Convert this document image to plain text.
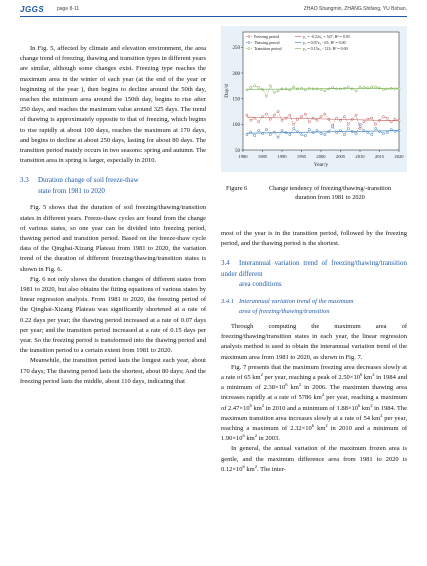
JGGS	page 8-11	ZHAO Shangmin, ZHANG Shifang, YU Bohan.

In Fig. 5, affected by climate and elevation environment, the area change trend of freezing, thawing and transition types in different years are similar, although some changes exist. Freezing type reaches the maximum area in the winter of each year (at the end of the year or beginning of the year ), then begins to decline around the 50th day, reaches the minimum area around the 150th day, begins to rise after 250 days, and reaches the maximum value around 325 days. The trend of thawing is approximately opposite to that of freezing, which begins to rise rapidly at about 100 days, reaches the maximum at 170 days, and begins to decline at about 250 days, lasting for about 80 days. The transition period mainly occurs in two seasons: spring and autumn. The transition area in spring is larger, especially in 2010.

3.3 Duration change of soil freeze-thaw

state from 1981 to 2020

Fig. 5 shows that the duration of soil freezing/thawing/transition states in different years. Freeze-thaw cycles are found from the change of various states, so one year can be divided into freezing period, thawing period and transition period. Based on the freeze-thaw cycle data of the Qinghai-Xizang Plateau from 1981 to 2020, the variation trend of the duration of different freezing/thawing/transition states is shown in Fig. 6.

Fig. 6 not only shows the duration changes of different states from 1981 to 2020, but also obtains the fitting equations of various states by linear regression analysis. From 1981 to 2020, the freezing period of the Qinghai-Xizang Plateau was significantly shortened at a rate of 0.22 days per year; the thawing period increased at a rate of 0.07 days per year; and the transition period increased at a rate of 0.15 days per year. So the freezing period is transformed into the thawing period and the transition period to a certain extent from 1981 to 2020.

Meanwhile, the transition period lasts the longest each year, about 170 days; The thawing period lasts the shortest, about 80 days; And the freezing period lasts the middle, about 110 days, indicating that

50
100
150
200
250
1980 1985 1990 1995 2000 2005 2010 2015 2020
Day/d
Year/y
Freezing period	y₁ = -0.22x₁ + 547; R² = 0.05
Thawing period	y₂ = 0.07x₂ - 65; R² = 0.00
Transition period	y₃ = 0.15x₃ - 123; R² = 0.00
Figure 6	Change tendency of freezing/thawing/-transition duration from 1981 to 2020

most of the year is in the transition period, followed by the freezing period, and the thawing period is the shortest.

3.4 Interannual variation trend of freezing/thawing/transition under different

area conditions
3.4.1 Interannual variation trend of the maximum

area of freezing/thawing/transition

Through computing the maximum area of freezing/thawing/transition states in each year, the linear regression analysis method is used to obtain the interannual variation trend of the maximum area from 1981 to 2020, as shown in Fig. 7.

Fig. 7 presents that the maximum freezing area decreases slowly at a rate of 65 $km^2$ per year, reaching a peak of $2.50\times 10^6$ $km^2$ in 1984 and a minimum of $2.38\times 10^6$ $km^2$ in 2006. The maximum thawing area increases rapidly at a rate of 5786 $km^2$ per year, reaching a maximum of $2.47\times 10^6$ $km^2$ in 2010 and a minimum of $1.88\times 10^6$ $km^2$ in 1984. The maximum transition area increases slowly at a rate of 54 $km^2$ per year, reaching a maximum of $2.32\times 10^6$ $km^2$ in 2010 and a minimum of $1.90\times 10^6$ $km^2$ in 2003.

In general, the annual variation of the maximum frozen area is gentle, and the maximum difference area from 1981 to 2020 is $0.12\times 10^6$ $km^2$. The inter-
